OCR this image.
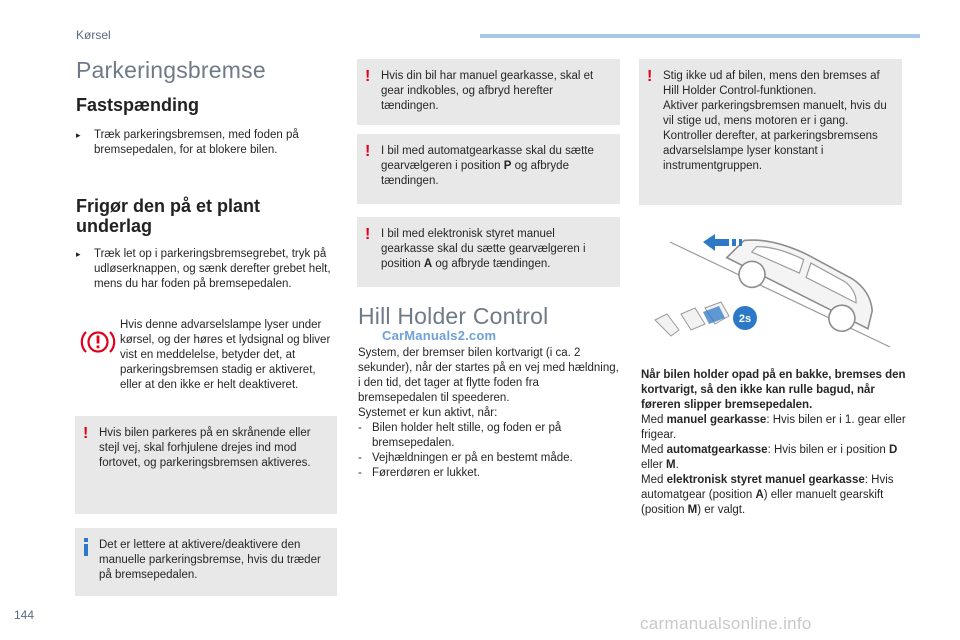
Kørsel
Parkeringsbremse
Fastspænding
▸	Træk parkeringsbremsen, med foden på bremsepedalen, for at blokere bilen.
Frigør den på et plant
underlag
▸	Træk let op i parkeringsbremsegrebet, tryk på udløserknappen, og sænk derefter grebet helt, mens du har foden på bremsepedalen.
Hvis denne advarselslampe lyser under kørsel, og der høres et lydsignal og bliver vist en meddelelse, betyder det, at parkeringsbremsen stadig er aktiveret, eller at den ikke er helt deaktiveret.
! Hvis bilen parkeres på en skrånende eller stejl vej, skal forhjulene drejes ind mod fortovet, og parkeringsbremsen aktiveres.
Det er lettere at aktivere/deaktivere den manuelle parkeringsbremse, hvis du træder på bremsepedalen.
! Hvis din bil har manuel gearkasse, skal et gear indkobles, og afbryd herefter tændingen.
! I bil med automatgearkasse skal du sætte gearvælgeren i position P og afbryde tændingen.
! I bil med elektronisk styret manuel gearkasse skal du sætte gearvælgeren i position A og afbryde tændingen.
Hill Holder Control
CarManuals2.com
System, der bremser bilen kortvarigt (i ca. 2 sekunder), når der startes på en vej med hældning, i den tid, det tager at flytte foden fra bremsepedalen til speederen.
Systemet er kun aktivt, når:
- Bilen holder helt stille, og foden er på bremsepedalen.
- Vejhældningen er på en bestemt måde.
- Førerdøren er lukket.
! Stig ikke ud af bilen, mens den bremses af Hill Holder Control-funktionen.
Aktiver parkeringsbremsen manuelt, hvis du vil stige ud, mens motoren er i gang.
Kontroller derefter, at parkeringsbremsens advarselslampe lyser konstant i instrumentgruppen.
2s
Når bilen holder opad på en bakke, bremses den kortvarigt, så den ikke kan rulle bagud, når føreren slipper bremsepedalen.
Med manuel gearkasse: Hvis bilen er i 1. gear eller frigear.
Med automatgearkasse: Hvis bilen er i position D eller M.
Med elektronisk styret manuel gearkasse: Hvis automatgear (position A) eller manuelt gearskift (position M) er valgt.
144	carmanualsonline.info
